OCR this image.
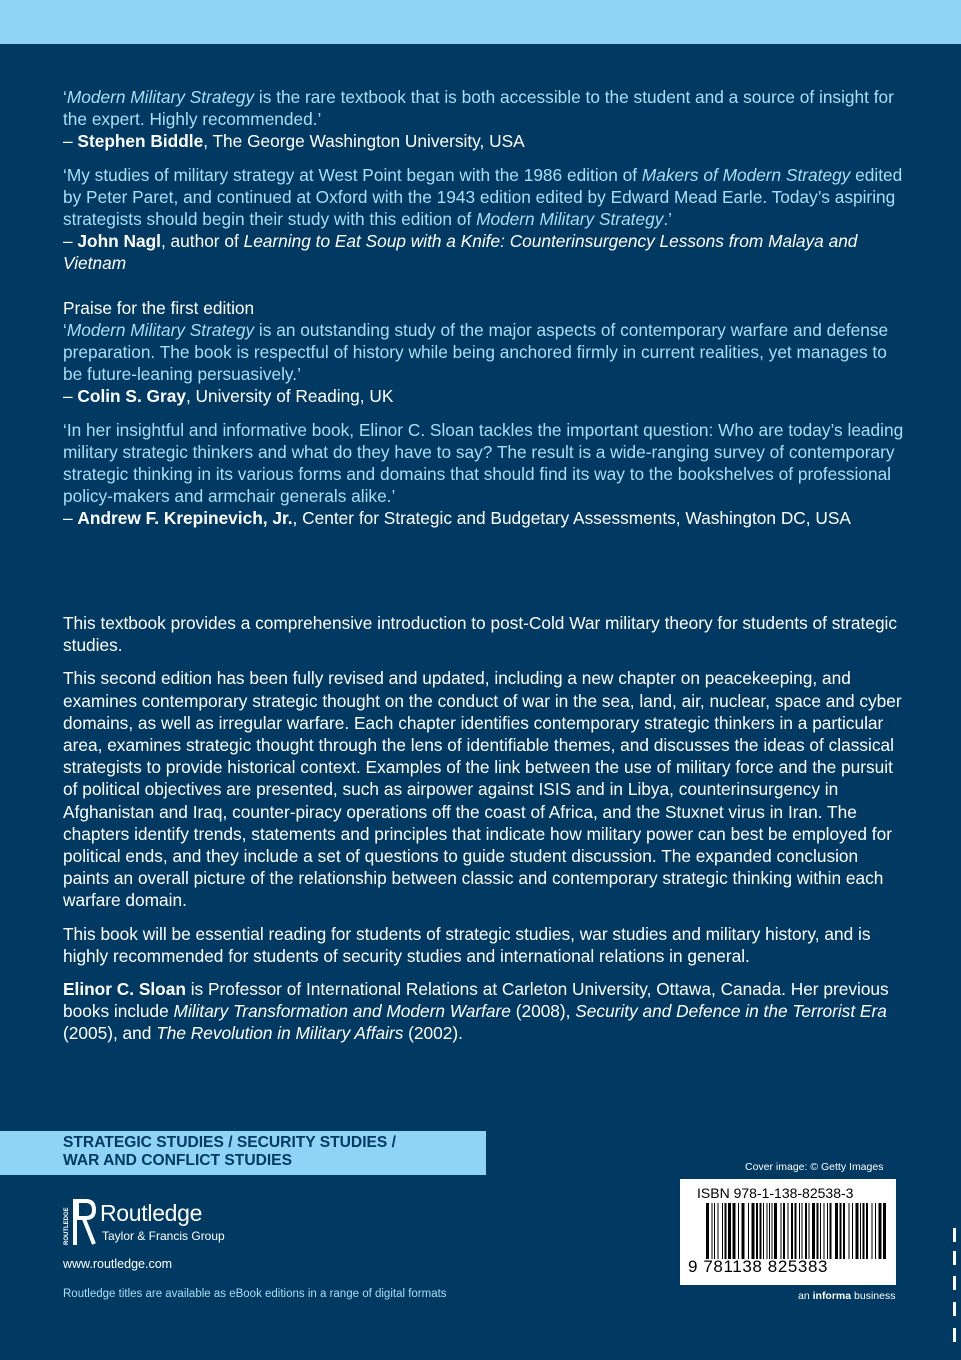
‘Modern Military Strategy is the rare textbook that is both accessible to the student and a source of insight for the expert. Highly recommended.’

– Stephen Biddle, The George Washington University, USA

‘My studies of military strategy at West Point began with the 1986 edition of Makers of Modern Strategy edited by Peter Paret, and continued at Oxford with the 1943 edition edited by Edward Mead Earle. Today’s aspiring strategists should begin their study with this edition of Modern Military Strategy.’

– John Nagl, author of Learning to Eat Soup with a Knife: Counterinsurgency Lessons from Malaya and Vietnam

Praise for the first edition

‘Modern Military Strategy is an outstanding study of the major aspects of contemporary warfare and defense preparation. The book is respectful of history while being anchored firmly in current realities, yet manages to be future-leaning persuasively.’

– Colin S. Gray, University of Reading, UK

‘In her insightful and informative book, Elinor C. Sloan tackles the important question: Who are today’s leading military strategic thinkers and what do they have to say? The result is a wide-ranging survey of contemporary strategic thinking in its various forms and domains that should find its way to the bookshelves of professional policy-makers and armchair generals alike.’

– Andrew F. Krepinevich, Jr., Center for Strategic and Budgetary Assessments, Washington DC, USA

This textbook provides a comprehensive introduction to post-Cold War military theory for students of strategic studies.

This second edition has been fully revised and updated, including a new chapter on peacekeeping, and examines contemporary strategic thought on the conduct of war in the sea, land, air, nuclear, space and cyber domains, as well as irregular warfare. Each chapter identifies contemporary strategic thinkers in a particular area, examines strategic thought through the lens of identifiable themes, and discusses the ideas of classical strategists to provide historical context. Examples of the link between the use of military force and the pursuit of political objectives are presented, such as airpower against ISIS and in Libya, counterinsurgency in Afghanistan and Iraq, counter-piracy operations off the coast of Africa, and the Stuxnet virus in Iran. The chapters identify trends, statements and principles that indicate how military power can best be employed for political ends, and they include a set of questions to guide student discussion. The expanded conclusion paints an overall picture of the relationship between classic and contemporary strategic thinking within each warfare domain.

This book will be essential reading for students of strategic studies, war studies and military history, and is highly recommended for students of security studies and international relations in general.

Elinor C. Sloan is Professor of International Relations at Carleton University, Ottawa, Canada. Her previous books include Military Transformation and Modern Warfare (2008), Security and Defence in the Terrorist Era (2005), and The Revolution in Military Affairs (2002).

STRATEGIC STUDIES / SECURITY STUDIES /
WAR AND CONFLICT STUDIES
ROUTLEDGE Routledge
Taylor & Francis Group
www.routledge.com
Routledge titles are available as eBook editions in a range of digital formats
Cover image: © Getty Images
ISBN 978-1-138-82538-3
9 781138 825383
an informa business
